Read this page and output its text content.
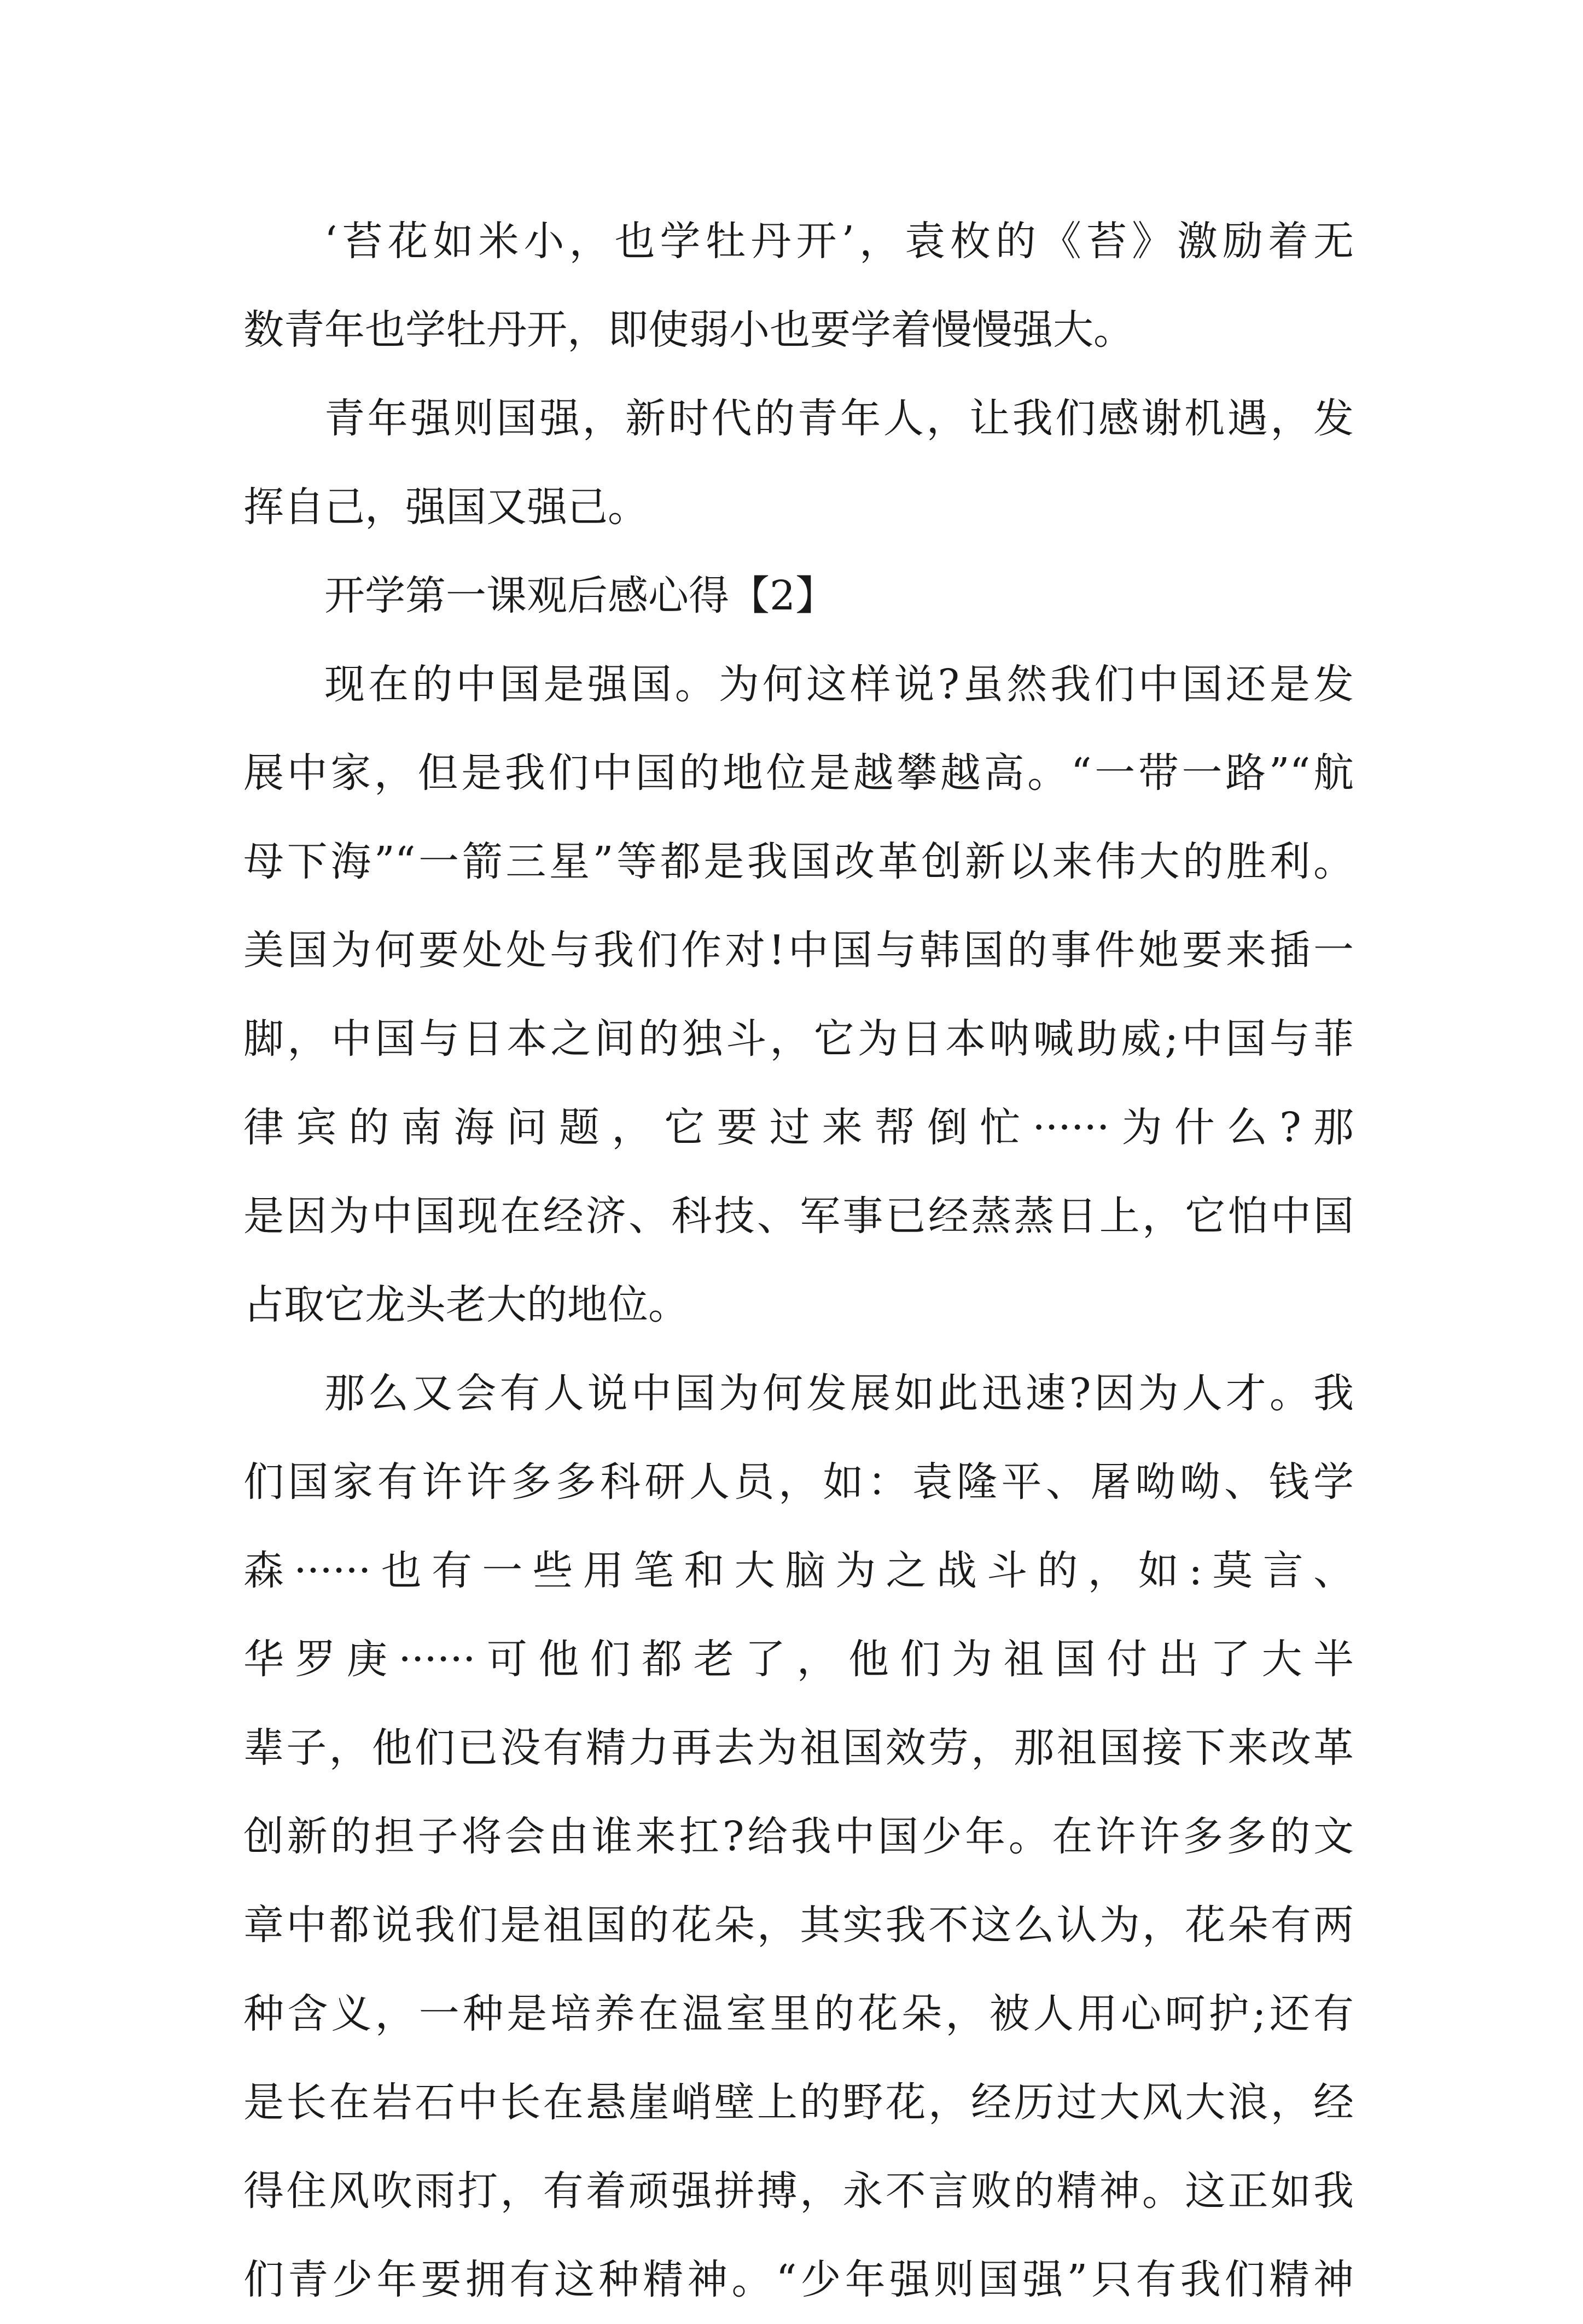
‘苔花如米小，也学牡丹开’，袁枚的《苔》激励着无
数青年也学牡丹开，即使弱小也要学着慢慢强大。
青年强则国强，新时代的青年人，让我们感谢机遇，发
挥自己，强国又强己。
开学第一课观后感心得【2】
现在的中国是强国。为何这样说?虽然我们中国还是发
展中家，但是我们中国的地位是越攀越高。“一带一路”“航
母下海”“一箭三星”等都是我国改革创新以来伟大的胜利。
美国为何要处处与我们作对!中国与韩国的事件她要来插一
脚，中国与日本之间的独斗，它为日本呐喊助威;中国与菲
律宾的南海问题，它要过来帮倒忙······为什么?那
是因为中国现在经济、科技、军事已经蒸蒸日上，它怕中国
占取它龙头老大的地位。
那么又会有人说中国为何发展如此迅速?因为人才。我
们国家有许许多多科研人员，如：袁隆平、屠呦呦、钱学
森······也有一些用笔和大脑为之战斗的，如:莫言、
华罗庚······可他们都老了，他们为祖国付出了大半
辈子，他们已没有精力再去为祖国效劳，那祖国接下来改革
创新的担子将会由谁来扛?给我中国少年。在许许多多的文
章中都说我们是祖国的花朵，其实我不这么认为，花朵有两
种含义，一种是培养在温室里的花朵，被人用心呵护;还有
是长在岩石中长在悬崖峭壁上的野花，经历过大风大浪，经
得住风吹雨打，有着顽强拼搏，永不言败的精神。这正如我
们青少年要拥有这种精神。“少年强则国强”只有我们精神
